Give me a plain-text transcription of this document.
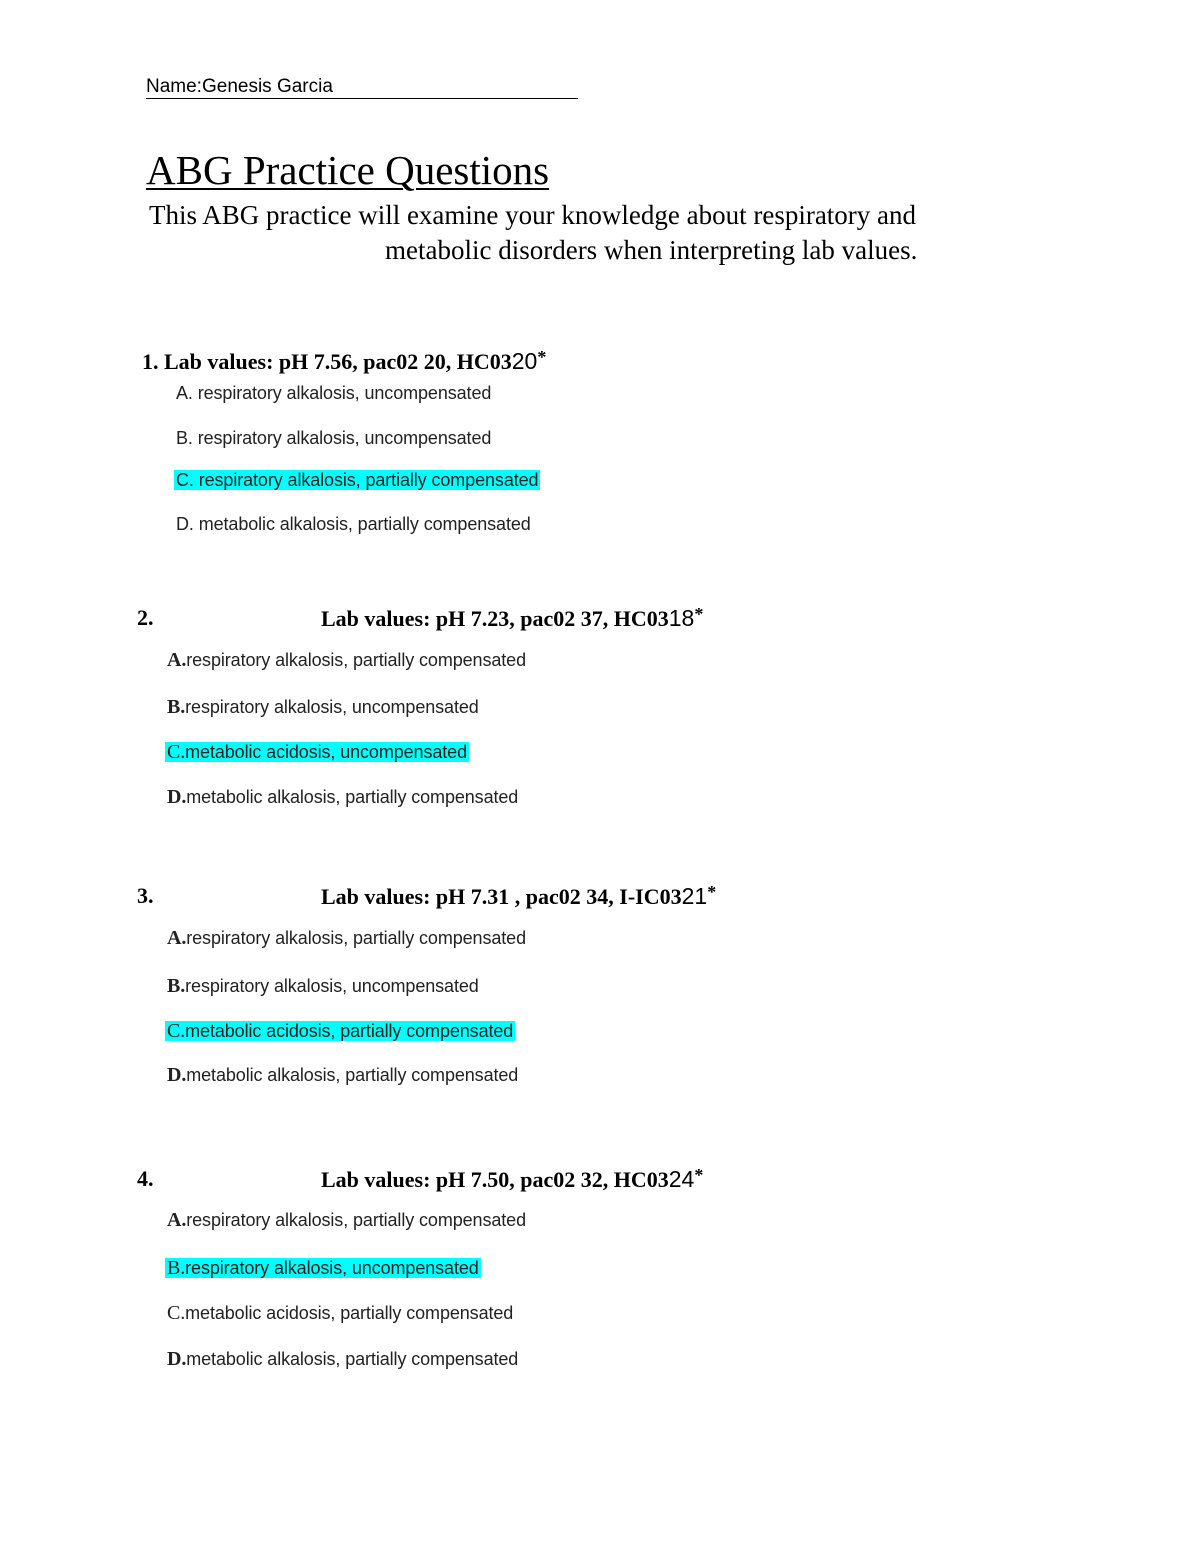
Name:Genesis Garcia
ABG Practice Questions
This ABG practice will examine your knowledge about respiratory and
metabolic disorders when interpreting lab values.
1. Lab values: pH 7.56, pac02 20, HC0320*
A. respiratory alkalosis, uncompensated
B. respiratory alkalosis, uncompensated
C. respiratory alkalosis, partially compensated
D. metabolic alkalosis, partially compensated
2.	Lab values: pH 7.23, pac02 37, HC0318*
A.respiratory alkalosis, partially compensated
B.respiratory alkalosis, uncompensated
C.metabolic acidosis, uncompensated
D.metabolic alkalosis, partially compensated
3.	Lab values: pH 7.31 , pac02 34, I-IC0321*
A.respiratory alkalosis, partially compensated
B.respiratory alkalosis, uncompensated
C.metabolic acidosis, partially compensated
D.metabolic alkalosis, partially compensated
4.	Lab values: pH 7.50, pac02 32, HC0324*
A.respiratory alkalosis, partially compensated
B.respiratory alkalosis, uncompensated
C.metabolic acidosis, partially compensated
D.metabolic alkalosis, partially compensated
